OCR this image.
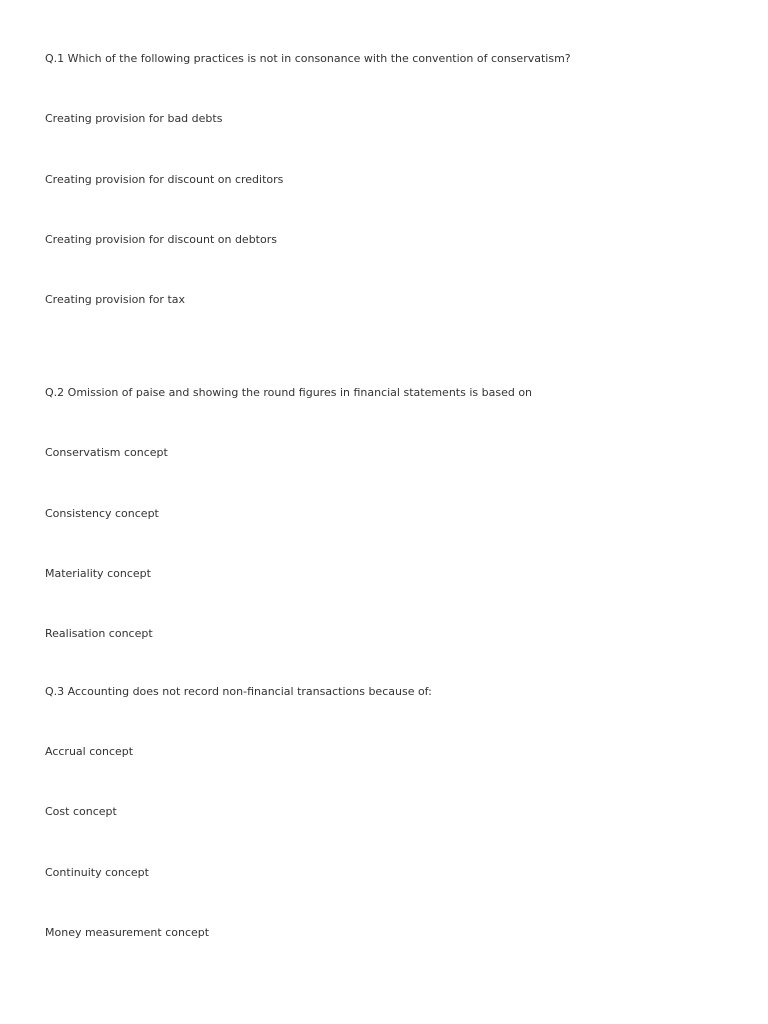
Q.1 Which of the following practices is not in consonance with the convention of conservatism?
Creating provision for bad debts
Creating provision for discount on creditors
Creating provision for discount on debtors
Creating provision for tax
Q.2 Omission of paise and showing the round figures in financial statements is based on
Conservatism concept
Consistency concept
Materiality concept
Realisation concept
Q.3 Accounting does not record non-financial transactions because of:
Accrual concept
Cost concept
Continuity concept
Money measurement concept
